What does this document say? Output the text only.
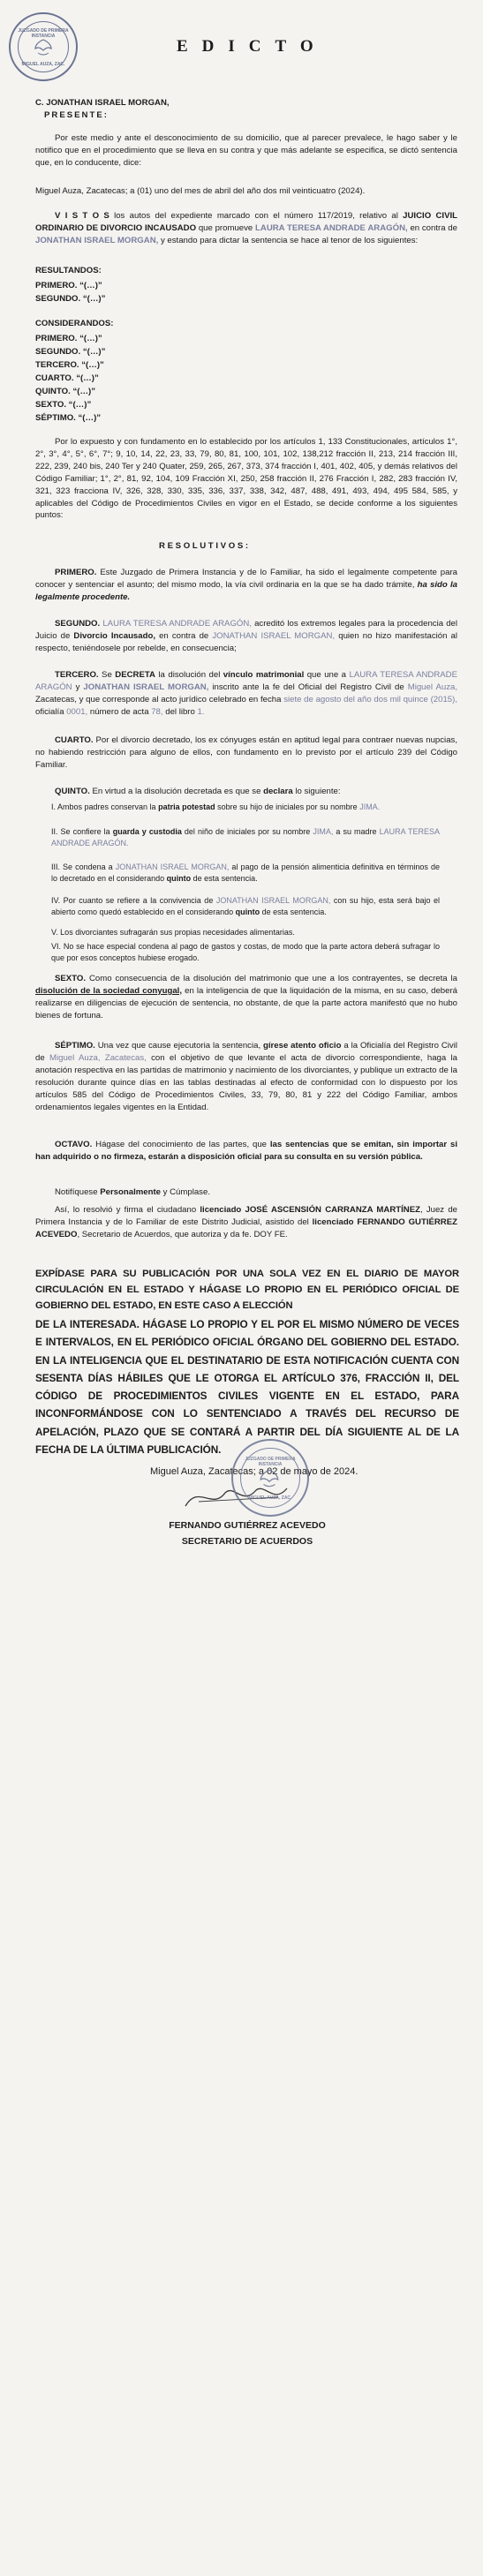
JUZGADO DE PRIMERA INSTANCIA
MIGUEL AUZA, ZAC.
EDICTO
C. JONATHAN ISRAEL MORGAN,
PRESENTE:

Por este medio y ante el desconocimiento de su domicilio, que al parecer prevalece, le hago saber y le notifico que en el procedimiento que se lleva en su contra y que más adelante se especifica, se dictó sentencia que, en lo conducente, dice:

Miguel Auza, Zacatecas; a (01) uno del mes de abril del año dos mil veinticuatro (2024).

V I S T O S los autos del expediente marcado con el número 117/2019, relativo al JUICIO CIVIL ORDINARIO DE DIVORCIO INCAUSADO que promueve LAURA TERESA ANDRADE ARAGÓN, en contra de JONATHAN ISRAEL MORGAN, y estando para dictar la sentencia se hace al tenor de los siguientes:

RESULTANDOS:
PRIMERO. “(…)”
SEGUNDO. “(…)”
CONSIDERANDOS:
PRIMERO. “(…)”
SEGUNDO. “(…)”
TERCERO. “(…)”
CUARTO. “(…)”
QUINTO. “(…)”
SEXTO. “(…)”
SÉPTIMO. “(…)”

Por lo expuesto y con fundamento en lo establecido por los artículos 1, 133 Constitucionales, artículos 1°, 2°, 3°, 4°, 5°, 6°, 7°; 9, 10, 14, 22, 23, 33, 79, 80, 81, 100, 101, 102, 138,212 fracción II, 213, 214 fracción III, 222, 239, 240 bis, 240 Ter y 240 Quater, 259, 265, 267, 373, 374 fracción I, 401, 402, 405, y demás relativos del Código Familiar; 1°, 2°, 81, 92, 104, 109 Fracción XI, 250, 258 fracción II, 276 Fracción I, 282, 283 fracción IV, 321, 323 fracciona IV, 326, 328, 330, 335, 336, 337, 338, 342, 487, 488, 491, 493, 494, 495 584, 585, y aplicables del Código de Procedimientos Civiles en vigor en el Estado, se decide conforme a los siguientes puntos:

R E S O L U T I V O S :

PRIMERO. Este Juzgado de Primera Instancia y de lo Familiar, ha sido el legalmente competente para conocer y sentenciar el asunto; del mismo modo, la vía civil ordinaria en la que se ha dado trámite, ha sido la legalmente procedente.

SEGUNDO. LAURA TERESA ANDRADE ARAGÓN, acreditó los extremos legales para la procedencia del Juicio de Divorcio Incausado, en contra de JONATHAN ISRAEL MORGAN, quien no hizo manifestación al respecto, teniéndosele por rebelde, en consecuencia;

TERCERO. Se DECRETA la disolución del vínculo matrimonial que une a LAURA TERESA ANDRADE ARAGÓN y JONATHAN ISRAEL MORGAN, inscrito ante la fe del Oficial del Registro Civil de Miguel Auza, Zacatecas, y que corresponde al acto jurídico celebrado en fecha siete de agosto del año dos mil quince (2015), oficialía 0001, número de acta 78, del libro 1.

CUARTO. Por el divorcio decretado, los ex cónyuges están en aptitud legal para contraer nuevas nupcias, no habiendo restricción para alguno de ellos, con fundamento en lo previsto por el artículo 239 del Código Familiar.

QUINTO. En virtud a la disolución decretada es que se declara lo siguiente:

I. Ambos padres conservan la patria potestad sobre su hijo de iniciales por su nombre JIMA.

II. Se confiere la guarda y custodia del niño de iniciales por su nombre JIMA, a su madre LAURA TERESA ANDRADE ARAGÓN.

III. Se condena a JONATHAN ISRAEL MORGAN, al pago de la pensión alimenticia definitiva en términos de lo decretado en el considerando quinto de esta sentencia.

IV. Por cuanto se refiere a la convivencia de JONATHAN ISRAEL MORGAN, con su hijo, esta será bajo el abierto como quedó establecido en el considerando quinto de esta sentencia.

V. Los divorciantes sufragarán sus propias necesidades alimentarias.

VI. No se hace especial condena al pago de gastos y costas, de modo que la parte actora deberá sufragar lo que por esos conceptos hubiese erogado.

SEXTO. Como consecuencia de la disolución del matrimonio que une a los contrayentes, se decreta la disolución de la sociedad conyugal, en la inteligencia de que la liquidación de la misma, en su caso, deberá realizarse en diligencias de ejecución de sentencia, no obstante, de que la parte actora manifestó que no hubo bienes de fortuna.

SÉPTIMO. Una vez que cause ejecutoria la sentencia, gírese atento oficio a la Oficialía del Registro Civil de Miguel Auza, Zacatecas, con el objetivo de que levante el acta de divorcio correspondiente, haga la anotación respectiva en las partidas de matrimonio y nacimiento de los divorciantes, y publique un extracto de la resolución durante quince días en las tablas destinadas al efecto de conformidad con lo dispuesto por los artículos 585 del Código de Procedimientos Civiles, 33, 79, 80, 81 y 222 del Código Familiar, ambos ordenamientos legales vigentes en la Entidad.

OCTAVO. Hágase del conocimiento de las partes, que las sentencias que se emitan, sin importar si han adquirido o no firmeza, estarán a disposición oficial para su consulta en su versión pública.

Notifíquese Personalmente y Cúmplase.

Así, lo resolvió y firma el ciudadano licenciado JOSÉ ASCENSIÓN CARRANZA MARTÍNEZ, Juez de Primera Instancia y de lo Familiar de este Distrito Judicial, asistido del licenciado FERNANDO GUTIÉRREZ ACEVEDO, Secretario de Acuerdos, que autoriza y da fe. DOY FE.

EXPÍDASE PARA SU PUBLICACIÓN POR UNA SOLA VEZ EN EL DIARIO DE MAYOR CIRCULACIÓN EN EL ESTADO Y HÁGASE LO PROPIO EN EL PERIÓDICO OFICIAL DE GOBIERNO DEL ESTADO, EN ESTE CASO A ELECCIÓN

DE LA INTERESADA. HÁGASE LO PROPIO Y EL POR EL MISMO NÚMERO DE VECES E INTERVALOS, EN EL PERIÓDICO OFICIAL ÓRGANO DEL GOBIERNO DEL ESTADO. EN LA INTELIGENCIA QUE EL DESTINATARIO DE ESTA NOTIFICACIÓN CUENTA CON SESENTA DÍAS HÁBILES QUE LE OTORGA EL ARTÍCULO 376, FRACCIÓN II, DEL CÓDIGO DE PROCEDIMIENTOS CIVILES VIGENTE EN EL ESTADO, PARA INCONFORMÁNDOSE CON LO SENTENCIADO A TRAVÉS DEL RECURSO DE APELACIÓN, PLAZO QUE SE CONTARÁ A PARTIR DEL DÍA SIGUIENTE AL DE LA FECHA DE LA ÚLTIMA PUBLICACIÓN.

Miguel Auza, Zacatecas; a 02 de mayo de 2024.
JUZGADO DE PRIMERA INSTANCIA
MIGUEL AUZA, ZAC.
FERNANDO GUTIÉRREZ ACEVEDO
SECRETARIO DE ACUERDOS
